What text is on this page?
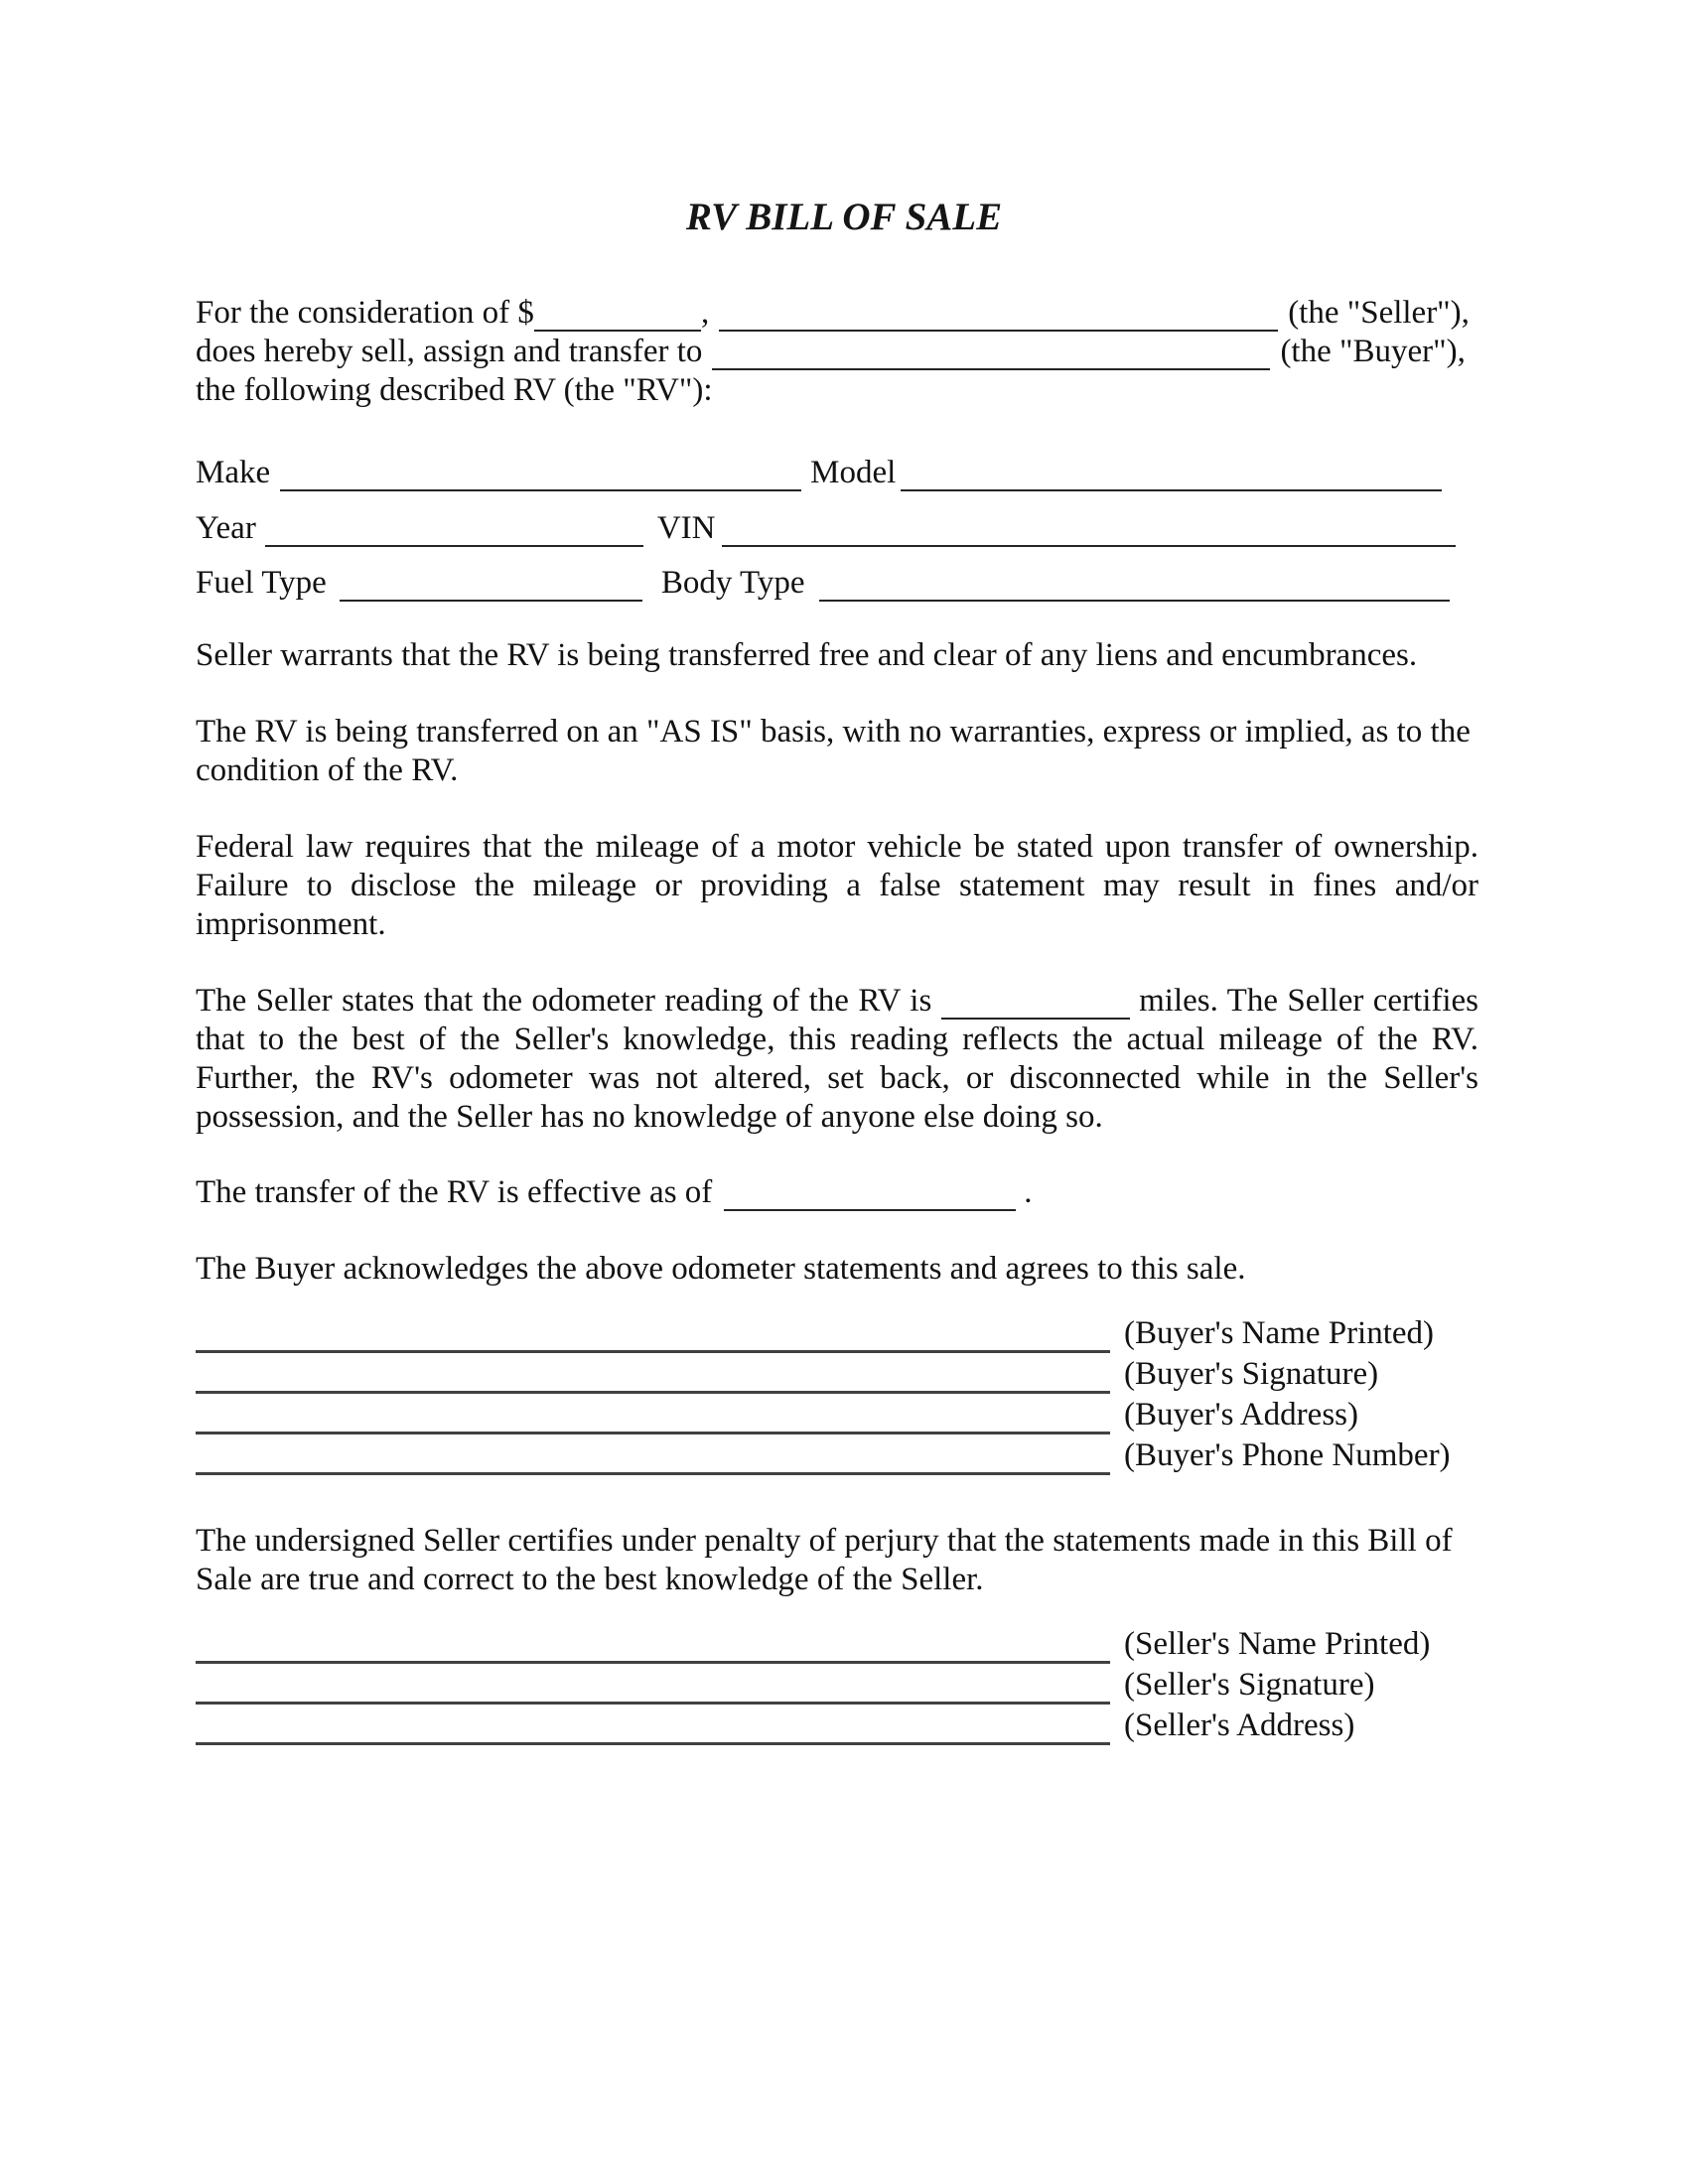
RV BILL OF SALE
For the consideration of $	,	(the "Seller"),
does hereby sell, assign and transfer to	(the "Buyer"),
the following described RV (the "RV"):
Make	Model
Year	VIN
Fuel Type	Body Type
Seller warrants that the RV is being transferred free and clear of any liens and encumbrances.
The RV is being transferred on an "AS IS" basis, with no warranties, express or implied, as to the
condition of the RV.
Federal law requires that the mileage of a motor vehicle be stated upon transfer of ownership.
Failure to disclose the mileage or providing a false statement may result in fines and/or
imprisonment.
The Seller states that the odometer reading of the RV is	miles. The Seller certifies
that to the best of the Seller's knowledge, this reading reflects the actual mileage of the RV.
Further, the RV's odometer was not altered, set back, or disconnected while in the Seller's
possession, and the Seller has no knowledge of anyone else doing so.
The transfer of the RV is effective as of	.
The Buyer acknowledges the above odometer statements and agrees to this sale.
(Buyer's Name Printed)
(Buyer's Signature)
(Buyer's Address)
(Buyer's Phone Number)
The undersigned Seller certifies under penalty of perjury that the statements made in this Bill of
Sale are true and correct to the best knowledge of the Seller.
(Seller's Name Printed)
(Seller's Signature)
(Seller's Address)
